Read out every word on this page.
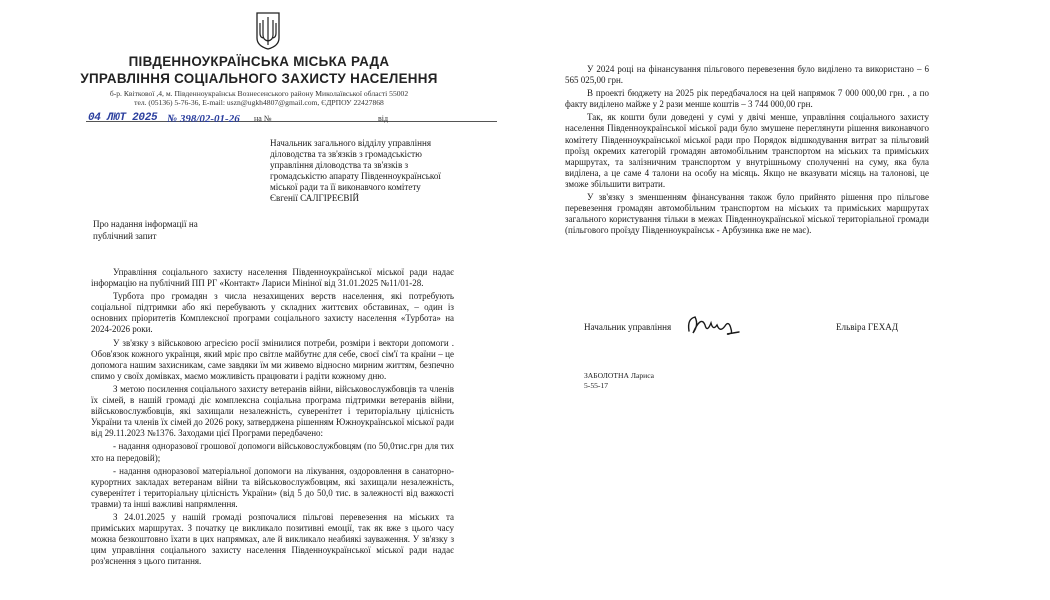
ПІВДЕННОУКРАЇНСЬКА МІСЬКА РАДА
УПРАВЛІННЯ СОЦІАЛЬНОГО ЗАХИСТУ НАСЕЛЕННЯ
б-р. Квіткової ,4, м. Південноукраїнськ Вознесенського району Миколаївської області 55002
тел. (05136) 5-76-36, E-mail: uszn@ugkh4807@gmail.com, ЄДРПОУ 22427868
04 ЛЮТ 2025 № 398/02-01-26 на №	від
Начальник загального відділу управління
діловодства та зв'язків з громадськістю
управління діловодства та зв'язків з
громадськістю апарату Південноукраїнської
міської ради та її виконавчого комітету
Євгенії САЛГІРЕЄВІЙ
Про надання інформації на
публічний запит

Управління соціального захисту населення Південноукраїнської міської ради надає інформацію на публічний ПП РГ «Контакт» Лариси Мініної від 31.01.2025 №11/01-28.

Турбота про громадян з числа незахищених верств населення, які потребують соціальної підтримки або які перебувають у складних життєвих обставинах, – один із основних пріоритетів Комплексної програми соціального захисту населення «Турбота» на 2024-2026 роки.

У зв'язку з військовою агресією росії змінилися потреби, розміри і вектори допомоги . Обов'язок кожного українця, який мріє про світле майбутнє для себе, своєї сім'ї та країни – це допомога нашим захисникам, саме завдяки їм ми живемо відносно мирним життям, безпечно спимо у своїх домівках, маємо можливість працювати і радіти кожному дню.

З метою посилення соціального захисту ветеранів війни, військовослужбовців та членів їх сімей, в нашій громаді діє комплексна соціальна програма підтримки ветеранів війни, військовослужбовців, які захищали незалежність, суверенітет і територіальну цілісність України та членів їх сімей до 2026 року, затверджена рішенням Южноукраїнської міської ради від 29.11.2023 №1376. Заходами цієї Програми передбачено:

- надання одноразової грошової допомоги військовослужбовцям (по 50,0тис.грн для тих хто на передовій);

- надання одноразової матеріальної допомоги на лікування, оздоровлення в санаторно-курортних закладах ветеранам війни та військовослужбовцям, які захищали незалежність, суверенітет і територіальну цілісність України» (від 5 до 50,0 тис. в залежності від важкості травми) та інші важливі напрямлення.

З 24.01.2025 у нашій громаді розпочалися пільгові перевезення на міських та приміських маршрутах. З початку це викликало позитивні емоції, так як вже з цього часу можна безкоштовно їхати в цих напрямках, але й викликало неабиякі зауваження. У зв'язку з цим управління соціального захисту населення Південноукраїнської міської ради надає роз'яснення з цього питання.

У 2024 році на фінансування пільгового перевезення було виділено та використано – 6 565 025,00 грн.

В проекті бюджету на 2025 рік передбачалося на цей напрямок 7 000 000,00 грн. , а по факту виділено майже у 2 рази менше коштів – 3 744 000,00 грн.

Так, як кошти були доведені у сумі у двічі менше, управління соціального захисту населення Південноукраїнської міської ради було змушене переглянути рішення виконавчого комітету Південноукраїнської міської ради про Порядок відшкодування витрат за пільговий проїзд окремих категорій громадян автомобільним транспортом на міських та приміських маршрутах, та залізничним транспортом у внутрішньому сполученні на суму, яка була виділена, а це саме 4 талони на особу на місяць. Якщо не вказувати місяць на талонові, це зможе збільшити витрати.

У зв'язку з зменшенням фінансування також було прийнято рішення про пільгове перевезення громадян автомобільним транспортом на міських та приміських маршрутах загального користування тільки в межах Південноукраїнської міської територіальної громади (пільгового проїзду Південноукраїнськ - Арбузинка вже не має).

Начальник управління	Ельвіра ГЕХАД
ЗАБОЛОТНА Лариса
5-55-17
